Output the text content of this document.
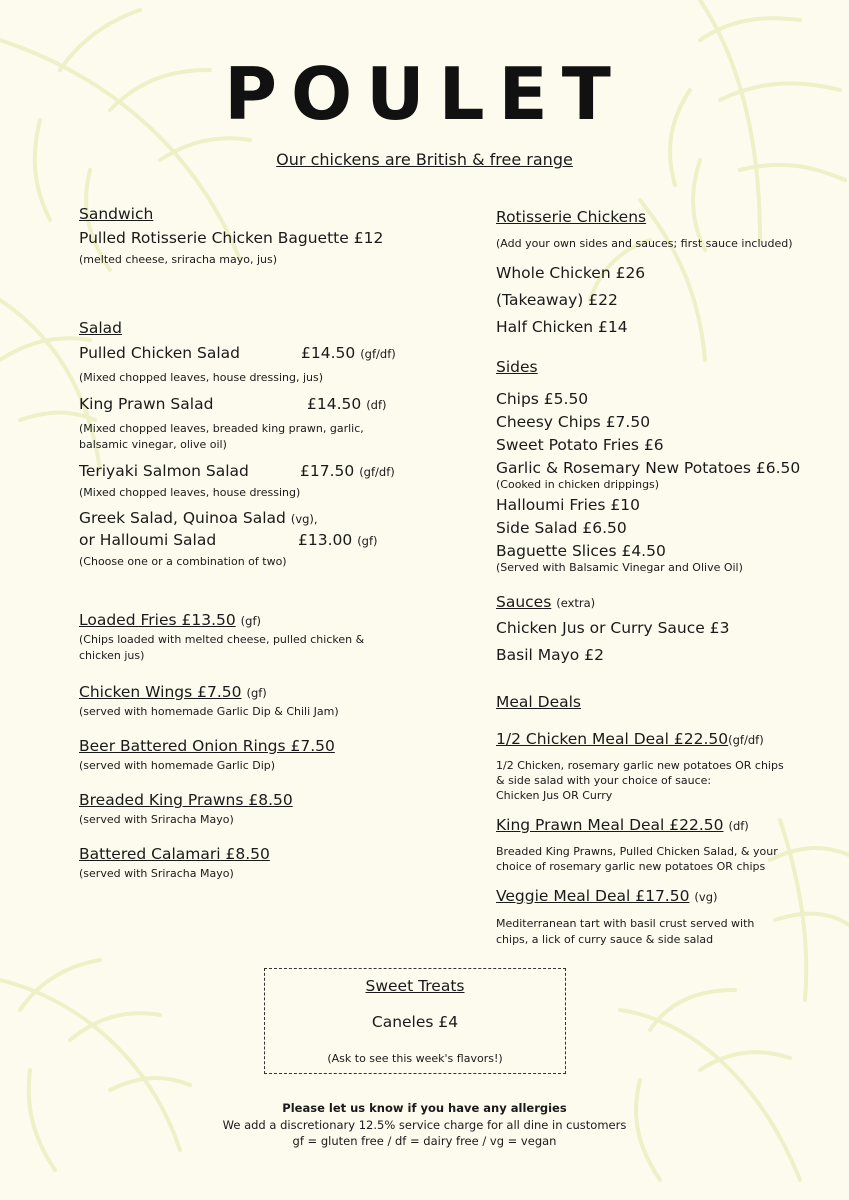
POULET
Our chickens are British & free range
Sandwich
Pulled Rotisserie Chicken Baguette £12
(melted cheese, sriracha mayo, jus)
Salad
Pulled Chicken Salad	£14.50 (gf/df)
(Mixed chopped leaves, house dressing, jus)
King Prawn Salad	£14.50 (df)
(Mixed chopped leaves, breaded king prawn, garlic,
balsamic vinegar, olive oil)
Teriyaki Salmon Salad	£17.50 (gf/df)
(Mixed chopped leaves, house dressing)
Greek Salad, Quinoa Salad (vg),
or Halloumi Salad	£13.00 (gf)
(Choose one or a combination of two)
Loaded Fries £13.50 (gf)
(Chips loaded with melted cheese, pulled chicken &
chicken jus)
Chicken Wings £7.50 (gf)
(served with homemade Garlic Dip & Chili Jam)
Beer Battered Onion Rings £7.50
(served with homemade Garlic Dip)
Breaded King Prawns £8.50
(served with Sriracha Mayo)
Battered Calamari £8.50
(served with Sriracha Mayo)
Rotisserie Chickens
(Add your own sides and sauces; first sauce included)
Whole Chicken £26
(Takeaway) £22
Half Chicken £14
Sides
Chips £5.50
Cheesy Chips £7.50
Sweet Potato Fries £6
Garlic & Rosemary New Potatoes £6.50
(Cooked in chicken drippings)
Halloumi Fries £10
Side Salad £6.50
Baguette Slices £4.50
(Served with Balsamic Vinegar and Olive Oil)
Sauces (extra)
Chicken Jus or Curry Sauce £3
Basil Mayo £2
Meal Deals
1/2 Chicken Meal Deal £22.50(gf/df)
1/2 Chicken, rosemary garlic new potatoes OR chips
& side salad with your choice of sauce:
Chicken Jus OR Curry
King Prawn Meal Deal £22.50 (df)
Breaded King Prawns, Pulled Chicken Salad, & your
choice of rosemary garlic new potatoes OR chips
Veggie Meal Deal £17.50 (vg)
Mediterranean tart with basil crust served with
chips, a lick of curry sauce & side salad
Sweet Treats
Caneles £4
(Ask to see this week's flavors!)
Please let us know if you have any allergies
We add a discretionary 12.5% service charge for all dine in customers
gf = gluten free / df = dairy free / vg = vegan
